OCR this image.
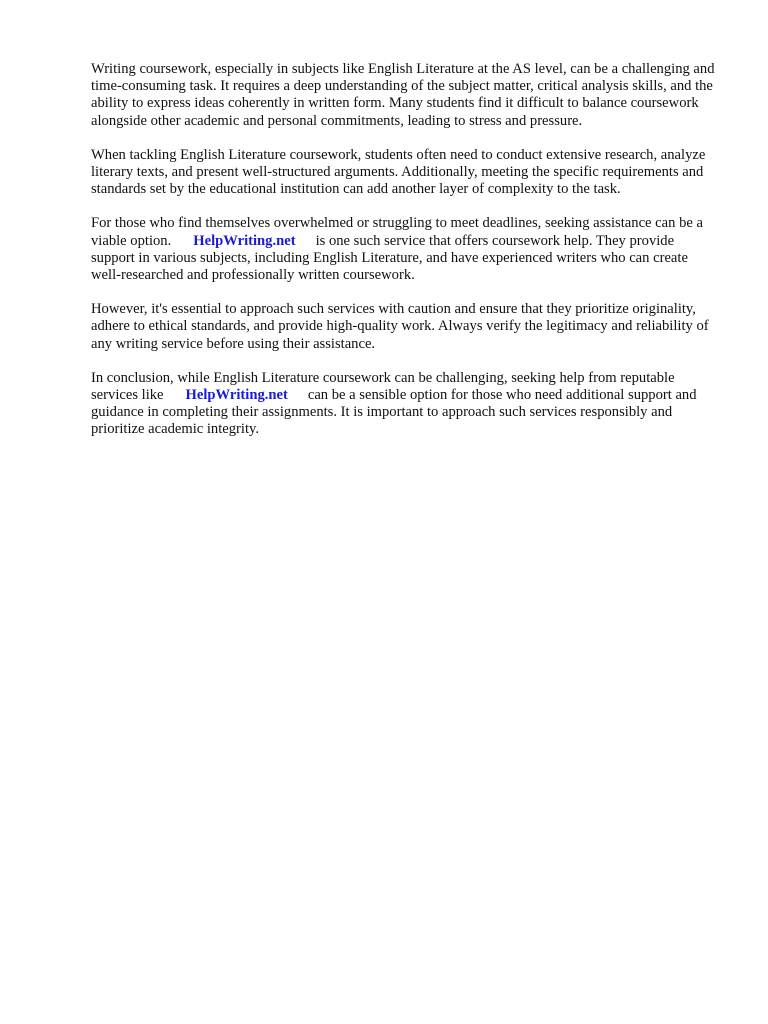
Writing coursework, especially in subjects like English Literature at the AS level, can be a challenging and time-consuming task. It requires a deep understanding of the subject matter, critical analysis skills, and the ability to express ideas coherently in written form. Many students find it difficult to balance coursework alongside other academic and personal commitments, leading to stress and pressure.

When tackling English Literature coursework, students often need to conduct extensive research, analyze literary texts, and present well-structured arguments. Additionally, meeting the specific requirements and standards set by the educational institution can add another layer of complexity to the task.

For those who find themselves overwhelmed or struggling to meet deadlines, seeking assistance can be a viable option. HelpWriting.net is one such service that offers coursework help. They provide support in various subjects, including English Literature, and have experienced writers who can create well-researched and professionally written coursework.

However, it's essential to approach such services with caution and ensure that they prioritize originality, adhere to ethical standards, and provide high-quality work. Always verify the legitimacy and reliability of any writing service before using their assistance.

In conclusion, while English Literature coursework can be challenging, seeking help from reputable services like HelpWriting.net can be a sensible option for those who need additional support and guidance in completing their assignments. It is important to approach such services responsibly and prioritize academic integrity.
